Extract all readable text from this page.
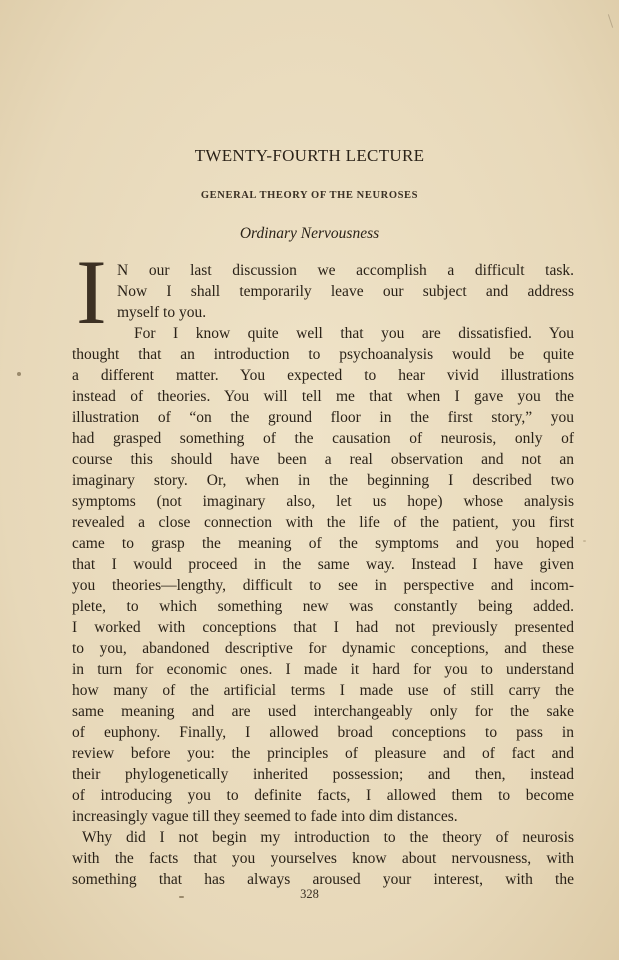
TWENTY-FOURTH LECTURE
GENERAL THEORY OF THE NEUROSES
Ordinary Nervousness
I N our last discussion we accomplish a difficult task.
Now I shall temporarily leave our subject and address
myself to you.
For I know quite well that you are dissatisfied. You
thought that an introduction to psychoanalysis would be quite
a different matter. You expected to hear vivid illustrations
instead of theories. You will tell me that when I gave you the
illustration of “on the ground floor in the first story,” you
had grasped something of the causation of neurosis, only of
course this should have been a real observation and not an
imaginary story. Or, when in the beginning I described two
symptoms (not imaginary also, let us hope) whose analysis
revealed a close connection with the life of the patient, you first
came to grasp the meaning of the symptoms and you hoped
that I would proceed in the same way. Instead I have given
you theories—lengthy, difficult to see in perspective and incom-
plete, to which something new was constantly being added.
I worked with conceptions that I had not previously presented
to you, abandoned descriptive for dynamic conceptions, and these
in turn for economic ones. I made it hard for you to understand
how many of the artificial terms I made use of still carry the
same meaning and are used interchangeably only for the sake
of euphony. Finally, I allowed broad conceptions to pass in
review before you: the principles of pleasure and of fact and
their phylogenetically inherited possession; and then, instead
of introducing you to definite facts, I allowed them to become
increasingly vague till they seemed to fade into dim distances.
Why did I not begin my introduction to the theory of neurosis
with the facts that you yourselves know about nervousness, with
something that has always aroused your interest, with the
328
